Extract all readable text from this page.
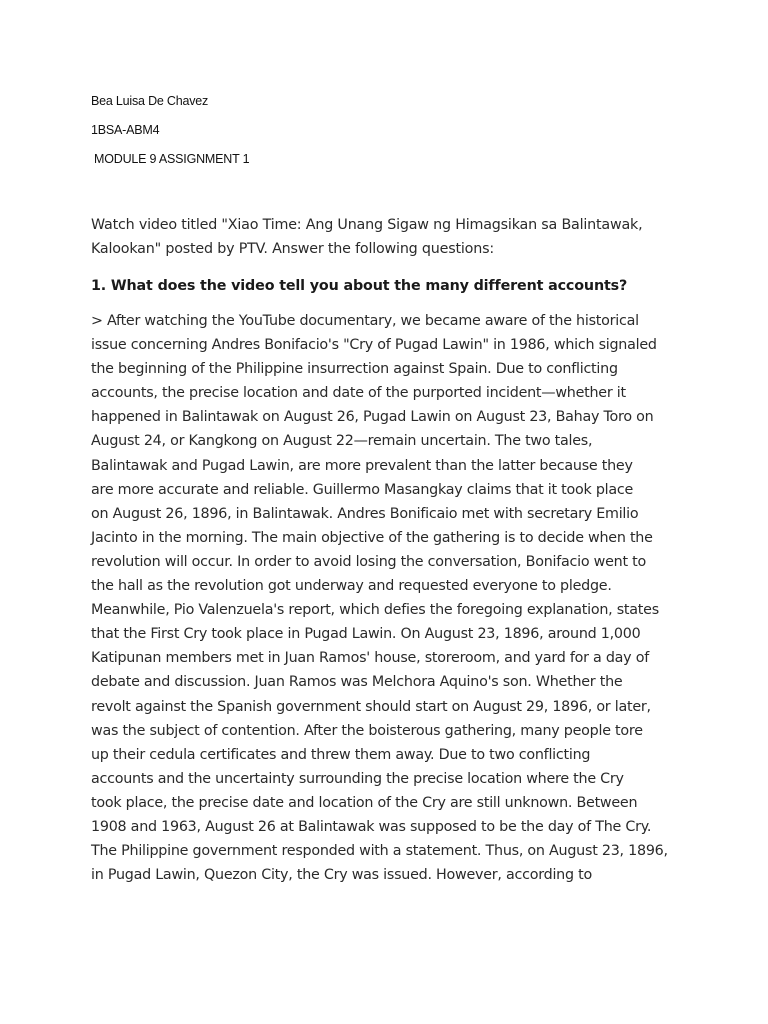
Bea Luisa De Chavez
1BSA-ABM4
MODULE 9 ASSIGNMENT 1

Watch video titled "Xiao Time: Ang Unang Sigaw ng Himagsikan sa Balintawak,
Kalookan" posted by PTV. Answer the following questions:

1. What does the video tell you about the many different accounts?

> After watching the YouTube documentary, we became aware of the historical
issue concerning Andres Bonifacio's "Cry of Pugad Lawin" in 1986, which signaled
the beginning of the Philippine insurrection against Spain. Due to conflicting
accounts, the precise location and date of the purported incident—whether it
happened in Balintawak on August 26, Pugad Lawin on August 23, Bahay Toro on
August 24, or Kangkong on August 22—remain uncertain. The two tales,
Balintawak and Pugad Lawin, are more prevalent than the latter because they
are more accurate and reliable. Guillermo Masangkay claims that it took place
on August 26, 1896, in Balintawak. Andres Bonificaio met with secretary Emilio
Jacinto in the morning. The main objective of the gathering is to decide when the
revolution will occur. In order to avoid losing the conversation, Bonifacio went to
the hall as the revolution got underway and requested everyone to pledge.
Meanwhile, Pio Valenzuela's report, which defies the foregoing explanation, states
that the First Cry took place in Pugad Lawin. On August 23, 1896, around 1,000
Katipunan members met in Juan Ramos' house, storeroom, and yard for a day of
debate and discussion. Juan Ramos was Melchora Aquino's son. Whether the
revolt against the Spanish government should start on August 29, 1896, or later,
was the subject of contention. After the boisterous gathering, many people tore
up their cedula certificates and threw them away. Due to two conflicting
accounts and the uncertainty surrounding the precise location where the Cry
took place, the precise date and location of the Cry are still unknown. Between
1908 and 1963, August 26 at Balintawak was supposed to be the day of The Cry.
The Philippine government responded with a statement. Thus, on August 23, 1896,
in Pugad Lawin, Quezon City, the Cry was issued. However, according to
